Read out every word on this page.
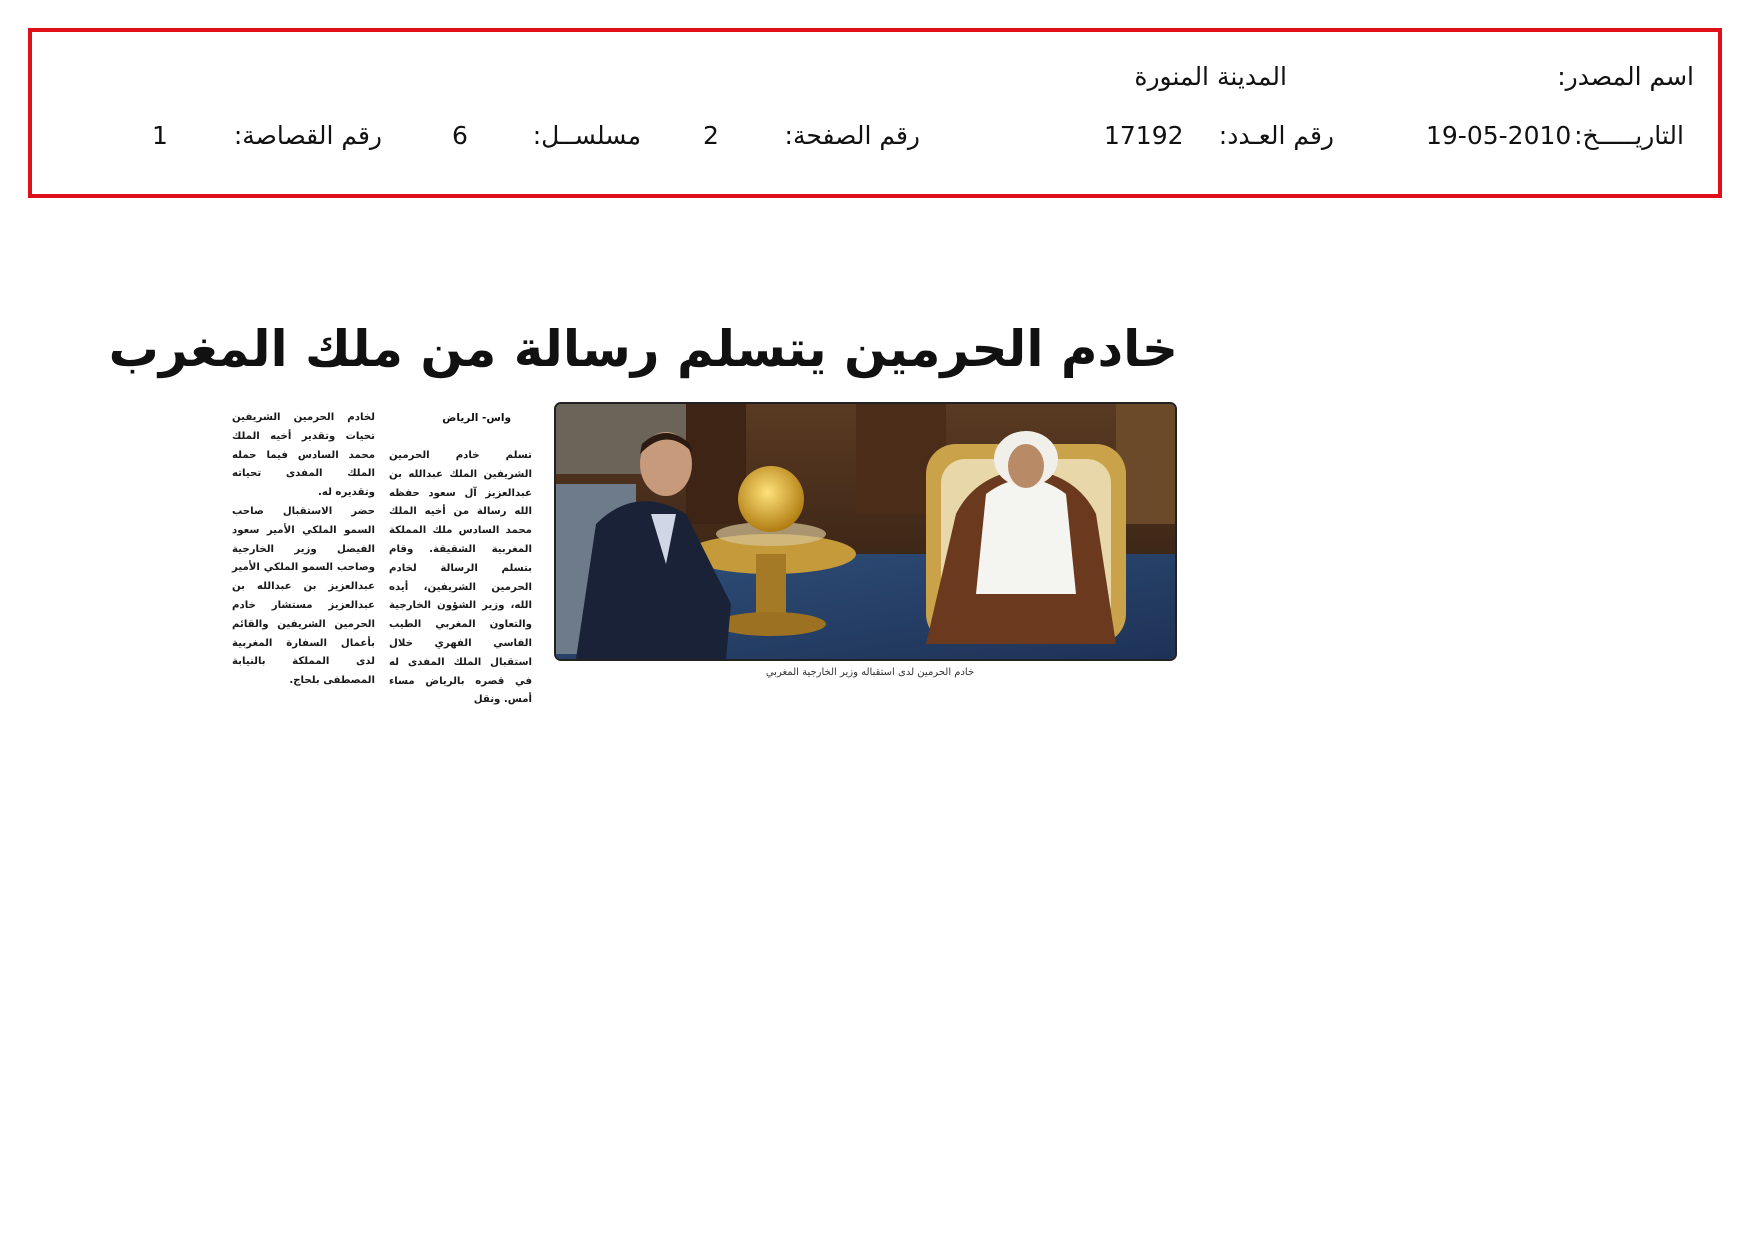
اسم المصدر:
المدينة المنورة
التاريـــــخ:
19-05-2010
رقم العـدد:
17192
رقم الصفحة:
2
مسلســل:
6
رقم القصاصة:
1
خادم الحرمين يتسلم رسالة من ملك المغرب
خادم الحرمين لدى استقباله وزير الخارجية المغربي
واس- الرياض

تسلم خادم الحرمين الشريفين الملك عبدالله بن عبدالعزيز آل سعود حفظه الله رسالة من أخيه الملك محمد السادس ملك المملكة المغربية الشقيقة. وقام بتسلم الرسالة لخادم الحرمين الشريفين، أيده الله، وزير الشؤون الخارجية والتعاون المغربي الطيب الفاسي الفهري خلال استقبال الملك المفدى له في قصره بالرياض مساء أمس. ونقل

لخادم الحرمين الشريفين تحيات وتقدير أخيه الملك محمد السادس فيما حمله الملك المفدى تحياته وتقديره له.

حضر الاستقبال صاحب السمو الملكي الأمير سعود الفيصل وزير الخارجية وصاحب السمو الملكي الأمير عبدالعزيز بن عبدالله بن عبدالعزيز مستشار خادم الحرمين الشريفين والقائم بأعمال السفارة المغربية لدى المملكة بالنيابة المصطفى بلحاج.
